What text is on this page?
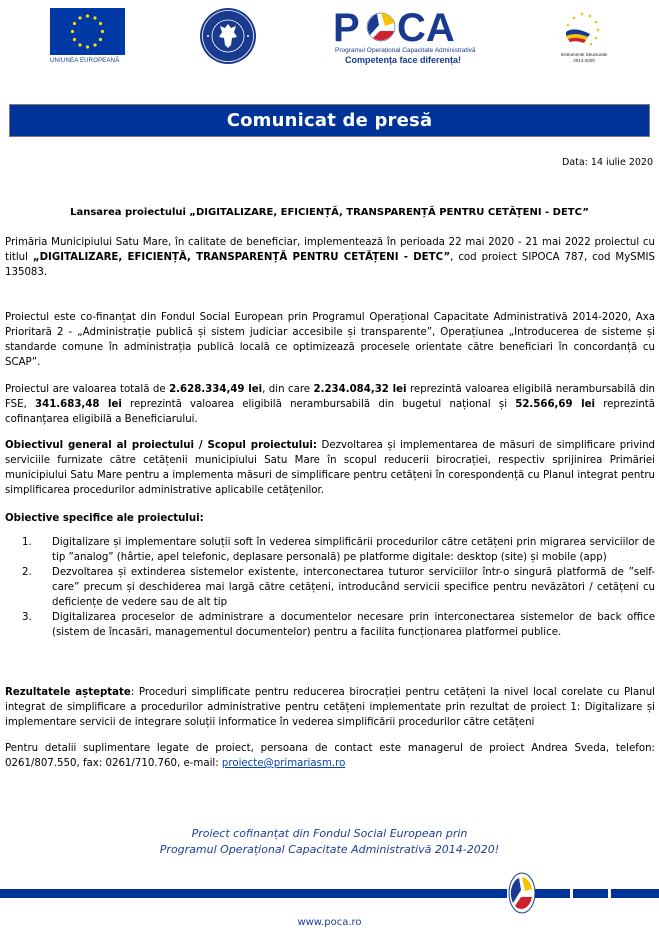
UNIUNEA EUROPEANĂ
P CA
Programul Operațional Capacitate Administrativă
Competența face diferența!
Instrumente Structurale
2014-2020
Comunicat de presă
Data: 14 iulie 2020
Lansarea proiectului „DIGITALIZARE, EFICIENȚĂ, TRANSPARENȚĂ PENTRU CETĂȚENI - DETC”
Primăria Municipiului Satu Mare, în calitate de beneficiar, implementează în perioada 22 mai 2020 - 21 mai 2022 proiectul cu titlul „DIGITALIZARE, EFICIENȚĂ, TRANSPARENȚĂ PENTRU CETĂȚENI - DETC”, cod proiect SIPOCA 787, cod MySMIS 135083.
Proiectul este co-finanțat din Fondul Social European prin Programul Operațional Capacitate Administrativă 2014-2020, Axa Prioritară 2 - „Administrație publică și sistem judiciar accesibile și transparente”, Operațiunea „Introducerea de sisteme și standarde comune în administrația publică locală ce optimizează procesele orientate către beneficiari în concordanță cu SCAP”.
Proiectul are valoarea totală de 2.628.334,49 lei, din care 2.234.084,32 lei reprezintă valoarea eligibilă nerambursabilă din FSE, 341.683,48 lei reprezintă valoarea eligibilă nerambursabilă din bugetul național și 52.566,69 lei reprezintă cofinanțarea eligibilă a Beneficiarului.
Obiectivul general al proiectului / Scopul proiectului: Dezvoltarea și implementarea de măsuri de simplificare privind serviciile furnizate către cetățenii municipiului Satu Mare în scopul reducerii birocrației, respectiv sprijinirea Primăriei municipiului Satu Mare pentru a implementa măsuri de simplificare pentru cetățeni în corespondență cu Planul integrat pentru simplificarea procedurilor administrative aplicabile cetățenilor.
Obiective specifice ale proiectului:
1.	Digitalizare și implementare soluții soft în vederea simplificării procedurilor către cetățeni prin migrarea serviciilor de tip ”analog” (hârtie, apel telefonic, deplasare personală) pe platforme digitale: desktop (site) și mobile (app)
2.	Dezvoltarea și extinderea sistemelor existente, interconectarea tuturor serviciilor într-o singură platformă de ”self-care” precum și deschiderea mai largă către cetățeni, introducând servicii specifice pentru nevăzători / cetățeni cu deficiențe de vedere sau de alt tip
3.	Digitalizarea proceselor de administrare a documentelor necesare prin interconectarea sistemelor de back office (sistem de încasări, managementul documentelor) pentru a facilita funcționarea platformei publice.
Rezultatele așteptate: Proceduri simplificate pentru reducerea birocrației pentru cetățeni la nivel local corelate cu Planul integrat de simplificare a procedurilor administrative pentru cetățeni implementate prin rezultat de proiect 1: Digitalizare și implementare servicii de integrare soluții informatice în vederea simplificării procedurilor către cetățeni
Pentru detalii suplimentare legate de proiect, persoana de contact este managerul de proiect Andrea Sveda, telefon: 0261/807.550, fax: 0261/710.760, e-mail: proiecte@primariasm.ro
Proiect cofinanțat din Fondul Social European prin
Programul Operațional Capacitate Administrativă 2014-2020!
www.poca.ro
